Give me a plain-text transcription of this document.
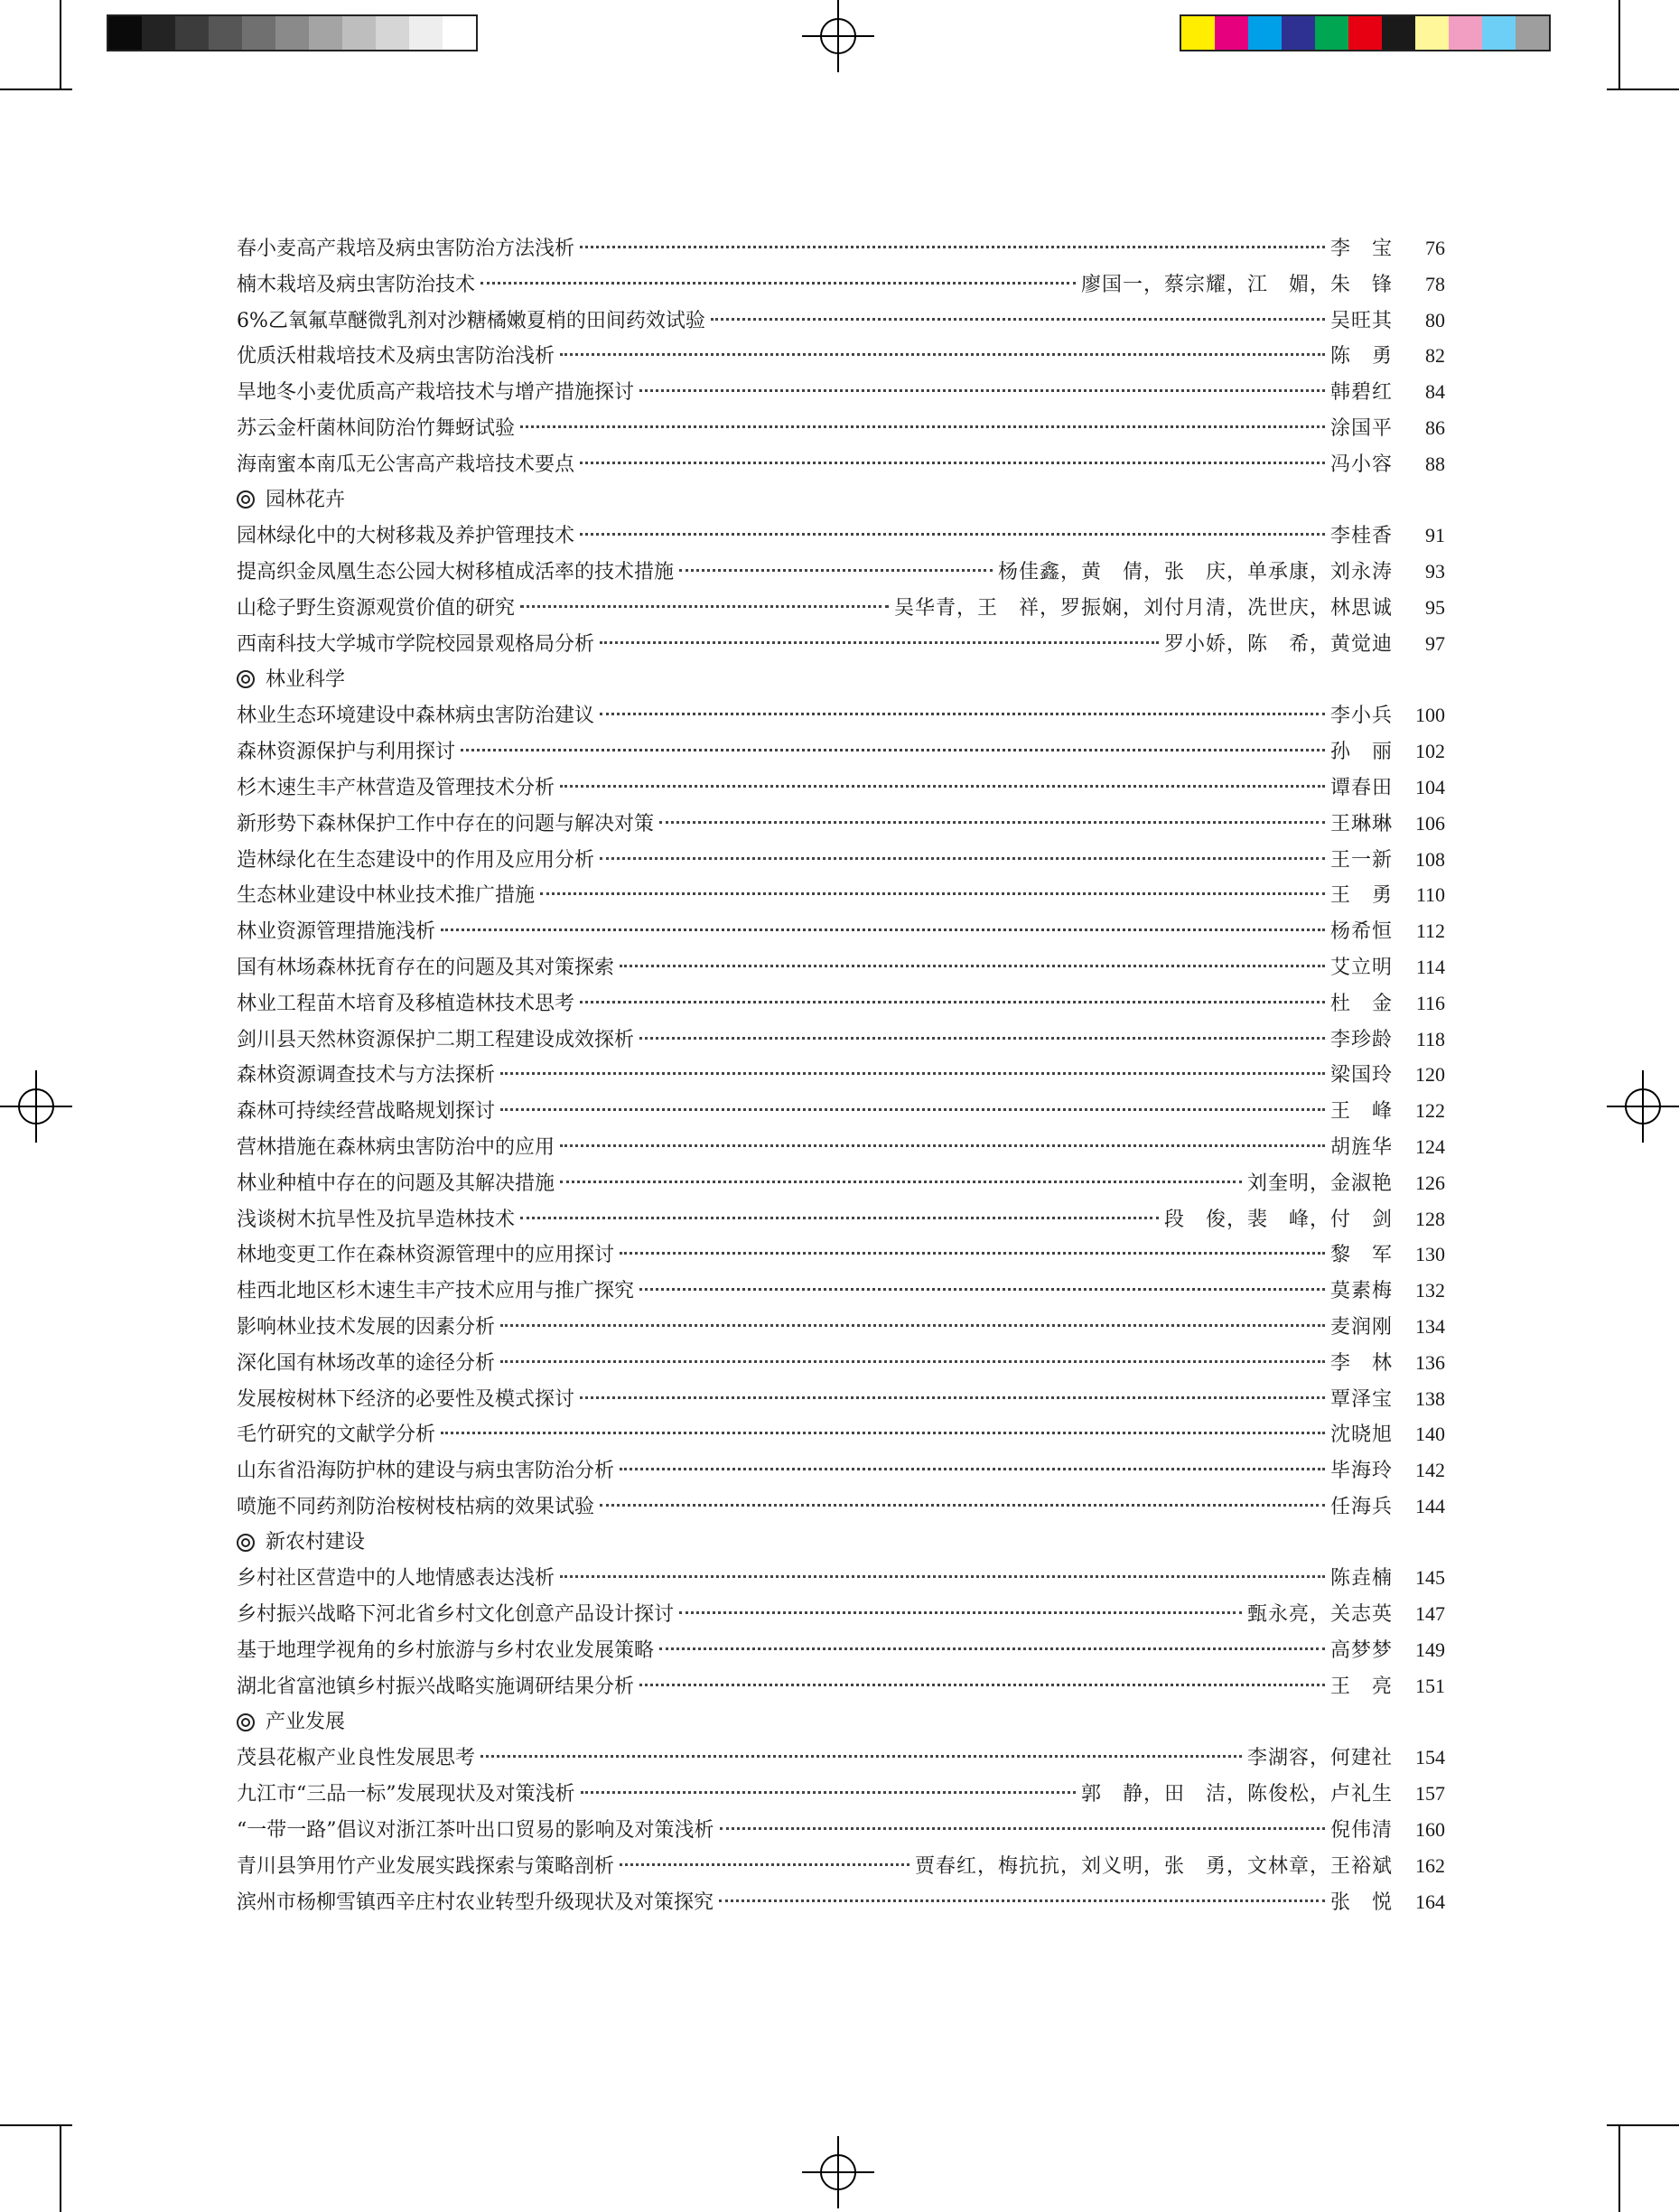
春小麦高产栽培及病虫害防治方法浅析	李　宝	76
楠木栽培及病虫害防治技术	廖国一，蔡宗耀，江　媚，朱　锋	78
6%乙氧氟草醚微乳剂对沙糖橘嫩夏梢的田间药效试验	吴旺其	80
优质沃柑栽培技术及病虫害防治浅析	陈　勇	82
旱地冬小麦优质高产栽培技术与增产措施探讨	韩碧红	84
苏云金杆菌林间防治竹舞蚜试验	涂国平	86
海南蜜本南瓜无公害高产栽培技术要点	冯小容	88
园林花卉
园林绿化中的大树移栽及养护管理技术	李桂香	91
提高织金凤凰生态公园大树移植成活率的技术措施	杨佳鑫，黄　倩，张　庆，单承康，刘永涛	93
山稔子野生资源观赏价值的研究	吴华青，王　祥，罗振娴，刘付月清，冼世庆，林思诚	95
西南科技大学城市学院校园景观格局分析	罗小娇，陈　希，黄觉迪	97
林业科学
林业生态环境建设中森林病虫害防治建议	李小兵	100
森林资源保护与利用探讨	孙　丽	102
杉木速生丰产林营造及管理技术分析	谭春田	104
新形势下森林保护工作中存在的问题与解决对策	王琳琳	106
造林绿化在生态建设中的作用及应用分析	王一新	108
生态林业建设中林业技术推广措施	王　勇	110
林业资源管理措施浅析	杨希恒	112
国有林场森林抚育存在的问题及其对策探索	艾立明	114
林业工程苗木培育及移植造林技术思考	杜　金	116
剑川县天然林资源保护二期工程建设成效探析	李珍龄	118
森林资源调查技术与方法探析	梁国玲	120
森林可持续经营战略规划探讨	王　峰	122
营林措施在森林病虫害防治中的应用	胡旌华	124
林业种植中存在的问题及其解决措施	刘奎明，金淑艳	126
浅谈树木抗旱性及抗旱造林技术	段　俊，裴　峰，付　剑	128
林地变更工作在森林资源管理中的应用探讨	黎　军	130
桂西北地区杉木速生丰产技术应用与推广探究	莫素梅	132
影响林业技术发展的因素分析	麦润刚	134
深化国有林场改革的途径分析	李　林	136
发展桉树林下经济的必要性及模式探讨	覃泽宝	138
毛竹研究的文献学分析	沈晓旭	140
山东省沿海防护林的建设与病虫害防治分析	毕海玲	142
喷施不同药剂防治桉树枝枯病的效果试验	任海兵	144
新农村建设
乡村社区营造中的人地情感表达浅析	陈垚楠	145
乡村振兴战略下河北省乡村文化创意产品设计探讨	甄永亮，关志英	147
基于地理学视角的乡村旅游与乡村农业发展策略	高梦梦	149
湖北省富池镇乡村振兴战略实施调研结果分析	王　亮	151
产业发展
茂县花椒产业良性发展思考	李湖容，何建社	154
九江市“三品一标”发展现状及对策浅析	郭　静，田　洁，陈俊松，卢礼生	157
“一带一路”倡议对浙江茶叶出口贸易的影响及对策浅析	倪伟清	160
青川县笋用竹产业发展实践探索与策略剖析	贾春红，梅抗抗，刘义明，张　勇，文林章，王裕斌	162
滨州市杨柳雪镇西辛庄村农业转型升级现状及对策探究	张　悦	164
